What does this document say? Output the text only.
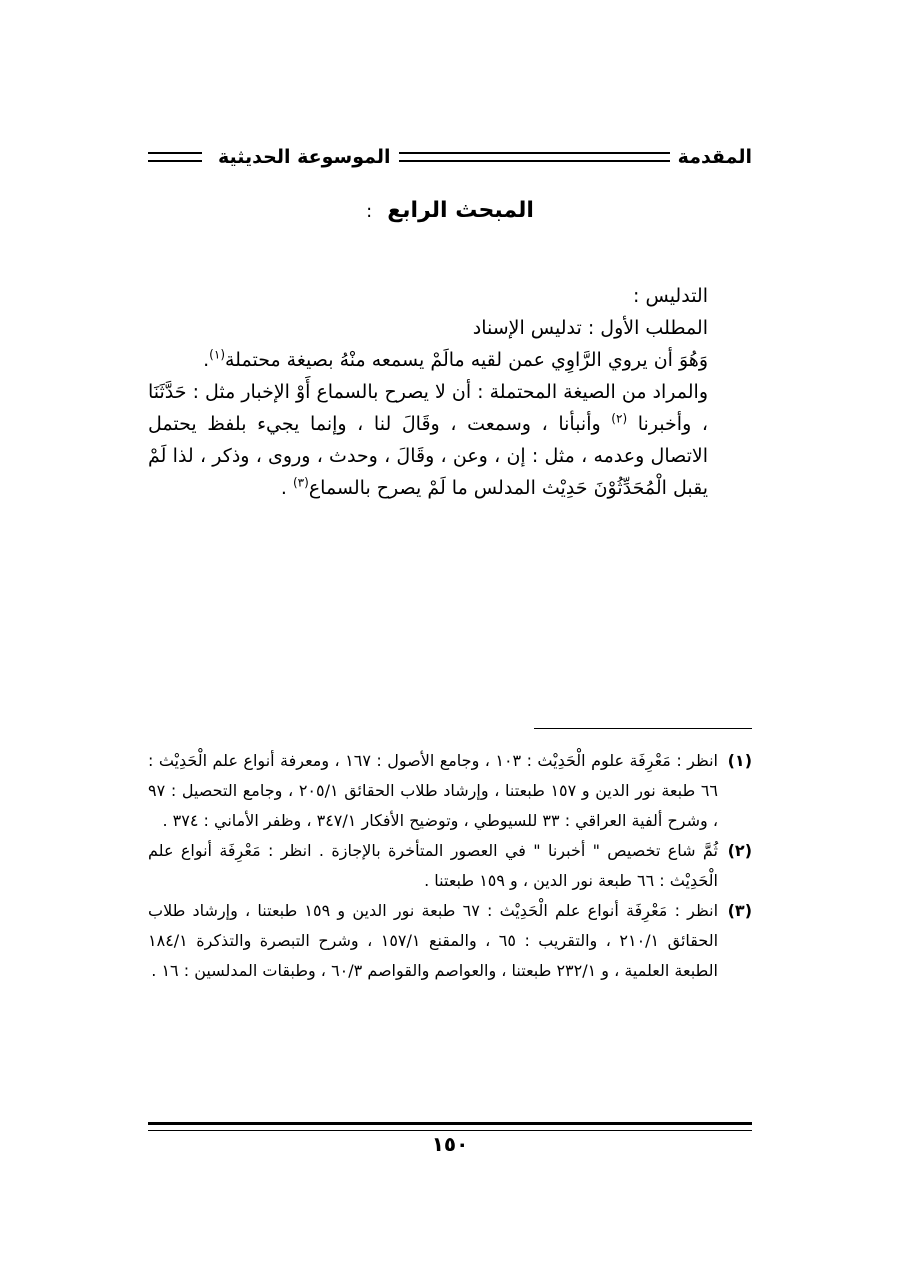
المقدمة
الموسوعة الحديثية
المبحث الرابع :

التدليس :

المطلب الأول : تدليس الإسناد

وَهُوَ أن يروي الرَّاوِي عمن لقيه مالَمْ يسمعه منْهُ بصيغة محتملة$^{(١)}$.

والمراد من الصيغة المحتملة : أن لا يصرح بالسماع أَوْ الإخبار مثل : حَدَّثَنَا ، وأخبرنا $^{(٢)}$ وأنبأنا ، وسمعت ، وقَالَ لنا ، وإنما يجيء بلفظ يحتمل الاتصال وعدمه ، مثل : إن ، وعن ، وقَالَ ، وحدث ، وروى ، وذكر ، لذا لَمْ يقبل الْمُحَدِّثُوْنَ حَدِيْث المدلس ما لَمْ يصرح بالسماع$^{(٣)}$ .

(١)
انظر : مَعْرِفَة علوم الْحَدِيْث : ١٠٣ ، وجامع الأصول : ١٦٧ ، ومعرفة أنواع علم الْحَدِيْث : ٦٦ طبعة نور الدين و ١٥٧ طبعتنا ، وإرشاد طلاب الحقائق ٢٠٥/١ ، وجامع التحصيل : ٩٧ ، وشرح ألفية العراقي : ٣٣ للسيوطي ، وتوضيح الأفكار ٣٤٧/١ ، وظفر الأماني : ٣٧٤ .
(٢)
ثُمَّ شاع تخصيص " أخبرنا " في العصور المتأخرة بالإجازة . انظر : مَعْرِفَة أنواع علم الْحَدِيْث : ٦٦ طبعة نور الدين ، و ١٥٩ طبعتنا .
(٣)
انظر : مَعْرِفَة أنواع علم الْحَدِيْث : ٦٧ طبعة نور الدين و ١٥٩ طبعتنا ، وإرشاد طلاب الحقائق ٢١٠/١ ، والتقريب : ٦٥ ، والمقنع ١٥٧/١ ، وشرح التبصرة والتذكرة ١٨٤/١ الطبعة العلمية ، و ٢٣٢/١ طبعتنا ، والعواصم والقواصم ٦٠/٣ ، وطبقات المدلسين : ١٦ .
١٥٠
